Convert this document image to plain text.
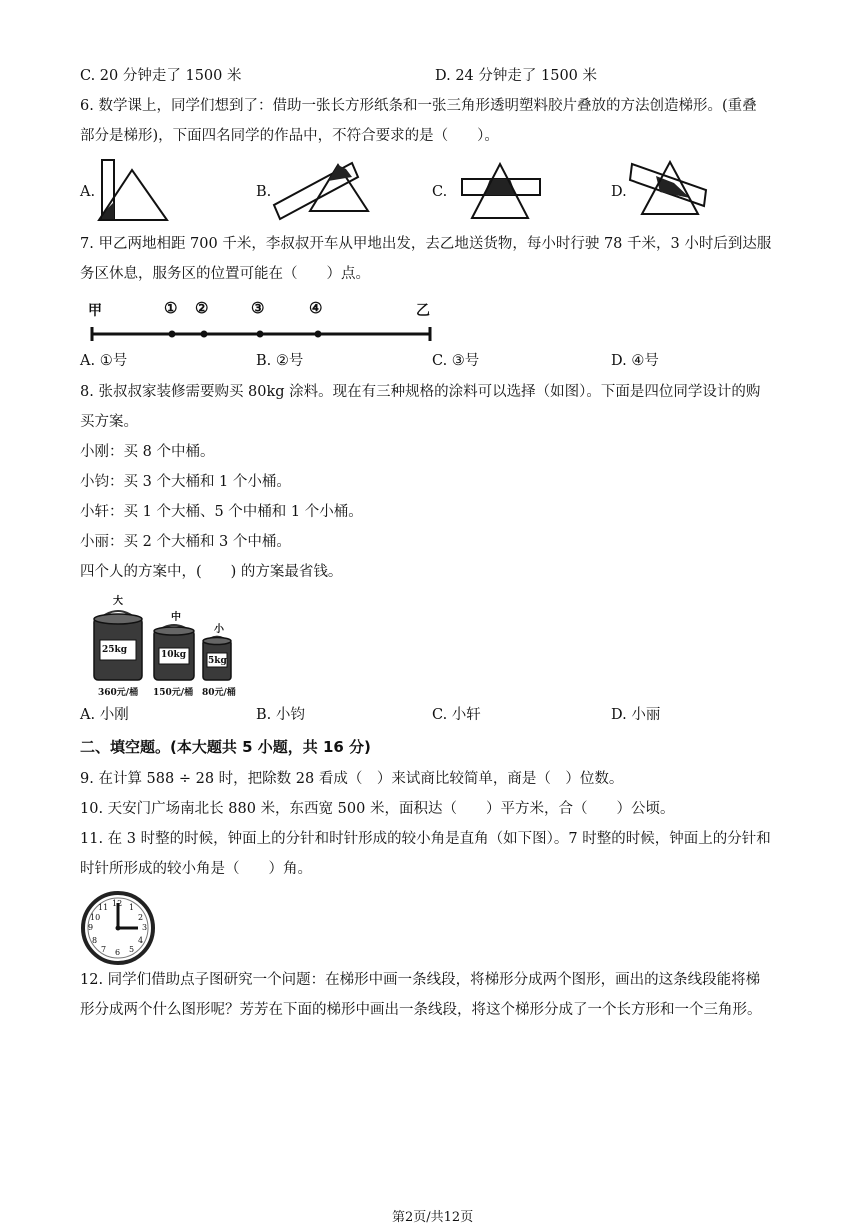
C. 20 分钟走了 1500 米	D. 24 分钟走了 1500 米
6. 数学课上，同学们想到了：借助一张长方形纸条和一张三角形透明塑料胶片叠放的方法创造梯形。(重叠
部分是梯形)，下面四名同学的作品中，不符合要求的是（　　）。
A.	B.	C.	D.
7. 甲乙两地相距 700 千米，李叔叔开车从甲地出发，去乙地送货物，每小时行驶 78 千米，3 小时后到达服
务区休息，服务区的位置可能在（　　）点。
甲	乙
① ②	③	④
A. ①号	B. ②号	C. ③号	D. ④号
8. 张叔叔家装修需要购买 80kg 涂料。现在有三种规格的涂料可以选择（如图）。下面是四位同学设计的购
买方案。
小刚：买 8 个中桶。
小钧：买 3 个大桶和 1 个小桶。
小轩：买 1 个大桶、5 个中桶和 1 个小桶。
小丽：买 2 个大桶和 3 个中桶。
四个人的方案中，(　　) 的方案最省钱。
大
25kg
360元/桶
中
10kg
150元/桶
小
5kg
80元/桶
A. 小刚	B. 小钧	C. 小轩	D. 小丽
二、填空题。(本大题共 5 小题，共 16 分)
9. 在计算 588 ÷ 28 时，把除数 28 看成（　）来试商比较简单，商是（　）位数。
10. 天安门广场南北长 880 米，东西宽 500 米，面积达（　　）平方米，合（　　）公顷。
11. 在 3 时整的时候，钟面上的分针和时针形成的较小角是直角（如下图）。7 时整的时候，钟面上的分针和
时针所形成的较小角是（　　）角。
12 1
2
3
4
5
6
7
8
9
10
11
12. 同学们借助点子图研究一个问题：在梯形中画一条线段，将梯形分成两个图形，画出的这条线段能将梯
形分成两个什么图形呢？芳芳在下面的梯形中画出一条线段，将这个梯形分成了一个长方形和一个三角形。
第2页/共12页
